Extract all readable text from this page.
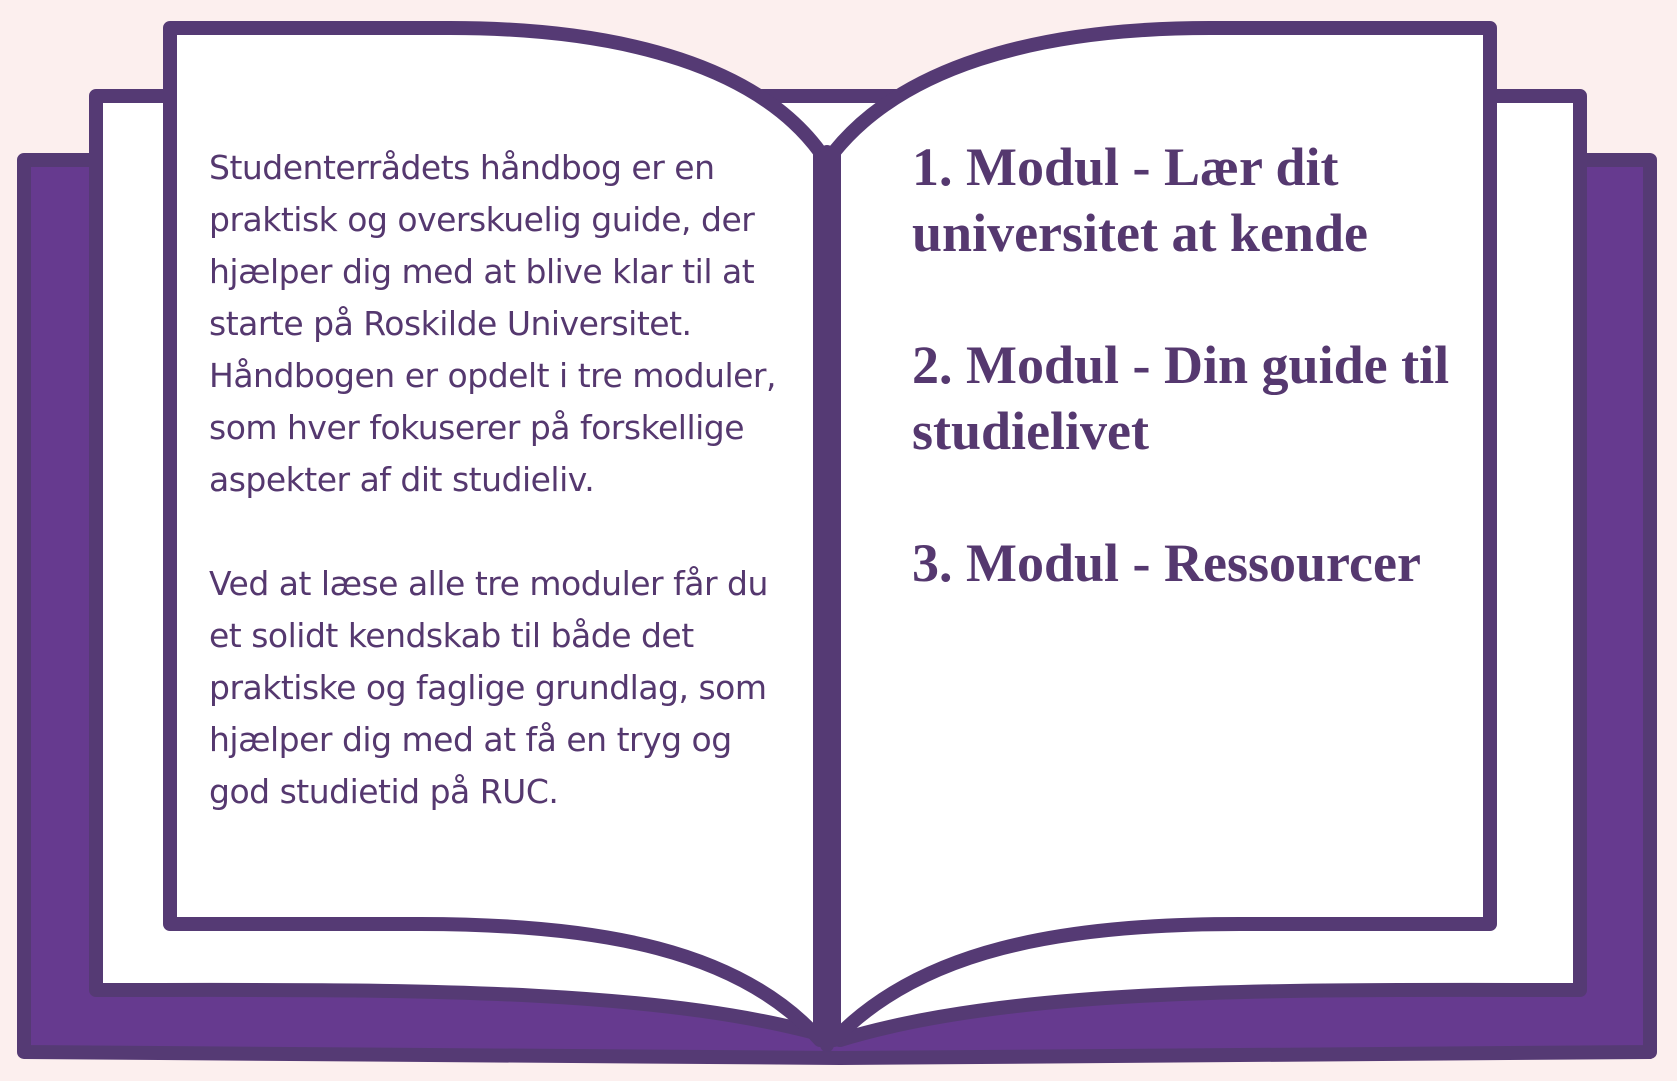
Studenterrådets håndbog er en praktisk og overskuelig guide, der hjælper dig med at blive klar til at starte på Roskilde Universitet. Håndbogen er opdelt i tre moduler, som hver fokuserer på forskellige aspekter af dit studieliv.

Ved at læse alle tre moduler får du et solidt kendskab til både det praktiske og faglige grundlag, som hjælper dig med at få en tryg og god studietid på RUC.

1. Modul - Lær dit universitet at kende
2. Modul - Din guide til studielivet
3. Modul - Ressourcer
